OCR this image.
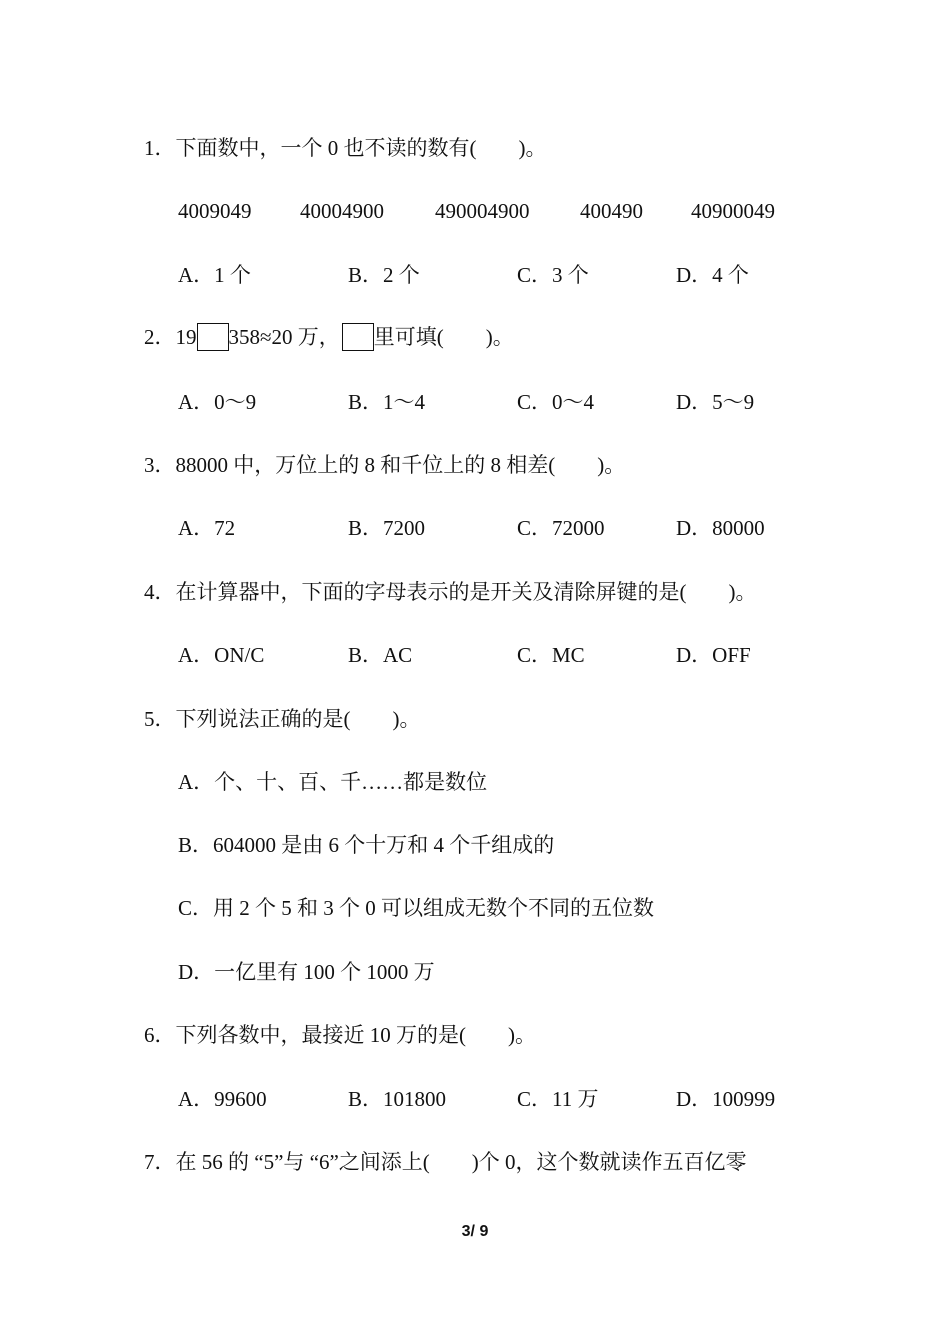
1．下面数中，一个 0 也不读的数有(　　)。
4009049 40004900 490004900 400490 40900049
A．1 个	B．2 个	C．3 个	D．4 个
2．19 358≈20 万， 里可填(　　)。
A．0～9	B．1～4	C．0～4	D．5～9
3．88000 中，万位上的 8 和千位上的 8 相差(　　)。
A．72	B．7200	C．72000	D．80000
4．在计算器中，下面的字母表示的是开关及清除屏键的是(　　)。
A．ON/C	B．AC	C．MC	D．OFF
5．下列说法正确的是(　　)。
A．个、十、百、千……都是数位
B．604000 是由 6 个十万和 4 个千组成的
C．用 2 个 5 和 3 个 0 可以组成无数个不同的五位数
D．一亿里有 100 个 1000 万
6．下列各数中，最接近 10 万的是(　　)。
A．99600	B．101800	C．11 万	D．100999
7．在 56 的 “5”与 “6”之间添上(　　)个 0，这个数就读作五百亿零
3/ 9
